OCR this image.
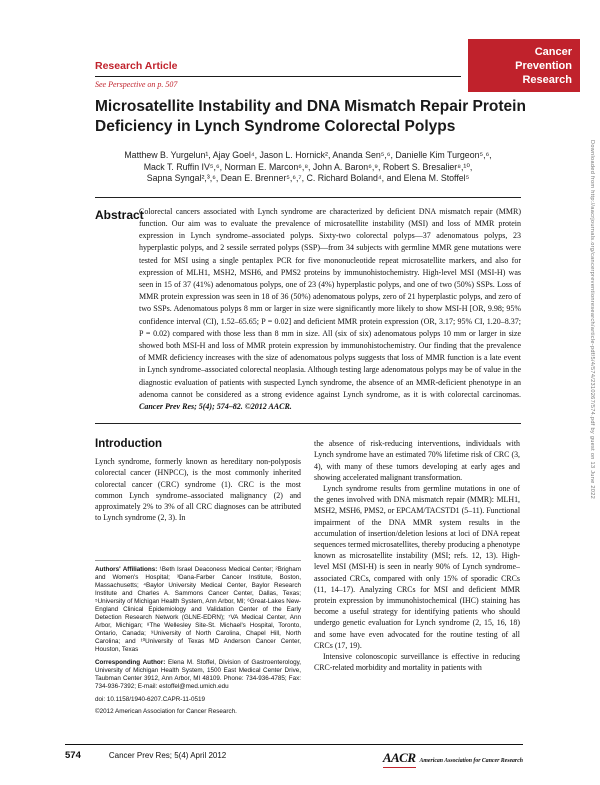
Cancer
Prevention
Research
Research Article
See Perspective on p. 507
Microsatellite Instability and DNA Mismatch Repair Protein Deficiency in Lynch Syndrome Colorectal Polyps
Matthew B. Yurgelun¹, Ajay Goel⁴, Jason L. Hornick², Ananda Sen⁵,⁶, Danielle Kim Turgeon⁵,⁶,
Mack T. Ruffin IV⁵,⁶, Norman E. Marcon⁶,⁸, John A. Baron⁶,⁹, Robert S. Bresalier⁸,¹⁰,
Sapna Syngal²,³,⁶, Dean E. Brenner⁵,⁶,⁷, C. Richard Boland⁴, and Elena M. Stoffel⁵
Abstract

Colorectal cancers associated with Lynch syndrome are characterized by deficient DNA mismatch repair (MMR) function. Our aim was to evaluate the prevalence of microsatellite instability (MSI) and loss of MMR protein expression in Lynch syndrome–associated polyps. Sixty-two colorectal polyps—37 adenomatous polyps, 23 hyperplastic polyps, and 2 sessile serrated polyps (SSP)—from 34 subjects with germline MMR gene mutations were tested for MSI using a single pentaplex PCR for five mononucleotide repeat microsatellite markers, and also for expression of MLH1, MSH2, MSH6, and PMS2 proteins by immunohistochemistry. High-level MSI (MSI-H) was seen in 15 of 37 (41%) adenomatous polyps, one of 23 (4%) hyperplastic polyps, and one of two (50%) SSPs. Loss of MMR protein expression was seen in 18 of 36 (50%) adenomatous polyps, zero of 21 hyperplastic polyps, and zero of two SSPs. Adenomatous polyps 8 mm or larger in size were significantly more likely to show MSI-H [OR, 9.98; 95% confidence interval (CI), 1.52–65.65; P = 0.02] and deficient MMR protein expression (OR, 3.17; 95% CI, 1.20–8.37; P = 0.02) compared with those less than 8 mm in size. All (six of six) adenomatous polyps 10 mm or larger in size showed both MSI-H and loss of MMR protein expression by immunohistochemistry. Our finding that the prevalence of MMR deficiency increases with the size of adenomatous polyps suggests that loss of MMR function is a late event in Lynch syndrome–associated colorectal neoplasia. Although testing large adenomatous polyps may be of value in the diagnostic evaluation of patients with suspected Lynch syndrome, the absence of an MMR-deficient phenotype in an adenoma cannot be considered as a strong evidence against Lynch syndrome, as it is with colorectal carcinomas. Cancer Prev Res; 5(4); 574–82. ©2012 AACR.

Introduction

Lynch syndrome, formerly known as hereditary non-polyposis colorectal cancer (HNPCC), is the most commonly inherited colorectal cancer (CRC) syndrome (1). CRC is the most common Lynch syndrome–associated malignancy (2) and approximately 2% to 3% of all CRC diagnoses can be attributed to Lynch syndrome (2, 3). In

Authors' Affiliations: ¹Beth Israel Deaconess Medical Center; ²Brigham and Women's Hospital; ³Dana-Farber Cancer Institute, Boston, Massachusetts; ⁴Baylor University Medical Center, Baylor Research Institute and Charles A. Sammons Cancer Center, Dallas, Texas; ⁵University of Michigan Health System, Ann Arbor, MI; ⁶Great-Lakes New-England Clinical Epidemiology and Validation Center of the Early Detection Research Network (GLNE-EDRN); ⁷VA Medical Center, Ann Arbor, Michigan; ⁸The Wellesley Site-St. Michael's Hospital, Toronto, Ontario, Canada; ⁹University of North Carolina, Chapel Hill, North Carolina; and ¹⁰University of Texas MD Anderson Cancer Center, Houston, Texas

Corresponding Author: Elena M. Stoffel, Division of Gastroenterology, University of Michigan Health System, 1500 East Medical Center Drive, Taubman Center 3912, Ann Arbor, MI 48109. Phone: 734-936-4785; Fax: 734-936-7392; E-mail: estoffel@med.umich.edu

doi: 10.1158/1940-6207.CAPR-11-0519

©2012 American Association for Cancer Research.

the absence of risk-reducing interventions, individuals with Lynch syndrome have an estimated 70% lifetime risk of CRC (3, 4), with many of these tumors developing at early ages and showing accelerated malignant transformation.

Lynch syndrome results from germline mutations in one of the genes involved with DNA mismatch repair (MMR): MLH1, MSH2, MSH6, PMS2, or EPCAM/TACSTD1 (5–11). Functional impairment of the DNA MMR system results in the accumulation of insertion/deletion lesions at loci of DNA repeat sequences termed microsatellites, thereby producing a phenotype known as microsatellite instability (MSI; refs. 12, 13). High-level MSI (MSI-H) is seen in nearly 90% of Lynch syndrome–associated CRCs, compared with only 15% of sporadic CRCs (11, 14–17). Analyzing CRCs for MSI and deficient MMR protein expression by immunohistochemical (IHC) staining has become a useful strategy for identifying patients who should undergo genetic evaluation for Lynch syndrome (2, 15, 16, 18) and some have even advocated for the routine testing of all CRCs (17, 19).

Intensive colonoscopic surveillance is effective in reducing CRC-related morbidity and mortality in patients with

574	Cancer Prev Res; 5(4) April 2012	AACR American Association for Cancer Research
Downloaded from http://aacrjournals.org/cancerpreventionresearch/article-pdf/5/4/574/2310267/574.pdf by guest on 13 June 2022
